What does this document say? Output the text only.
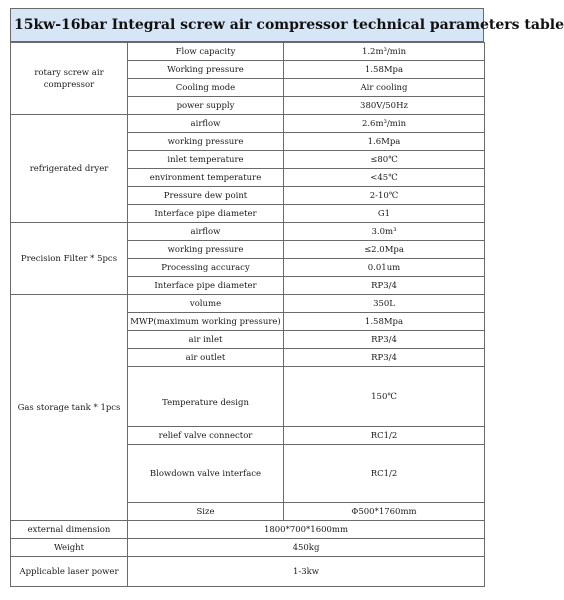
15kw-16bar Integral screw air compressor technical parameters table
rotary screw air compressor	Flow capacity	1.2m³/min
	Working pressure	1.58Mpa
	Cooling mode	Air cooling
	power supply	380V/50Hz
refrigerated dryer	airflow	2.6m³/min
	working pressure	1.6Mpa
	inlet temperature	≤80℃
	environment temperature	<45℃
	Pressure dew point	2-10℃
	Interface pipe diameter	G1
Precision Filter * 5pcs	airflow	3.0m³
	working pressure	≤2.0Mpa
	Processing accuracy	0.01um
	Interface pipe diameter	RP3/4
Gas storage tank * 1pcs	volume	350L
	MWP(maximum working pressure)	1.58Mpa
	air inlet	RP3/4
	air outlet	RP3/4
	Temperature design	150℃
	relief valve connector	RC1/2
	Blowdown valve interface	RC1/2
	Size	Φ500*1760mm
external dimension	1800*700*1600mm	
Weight	450kg	
Applicable laser power	1-3kw	
